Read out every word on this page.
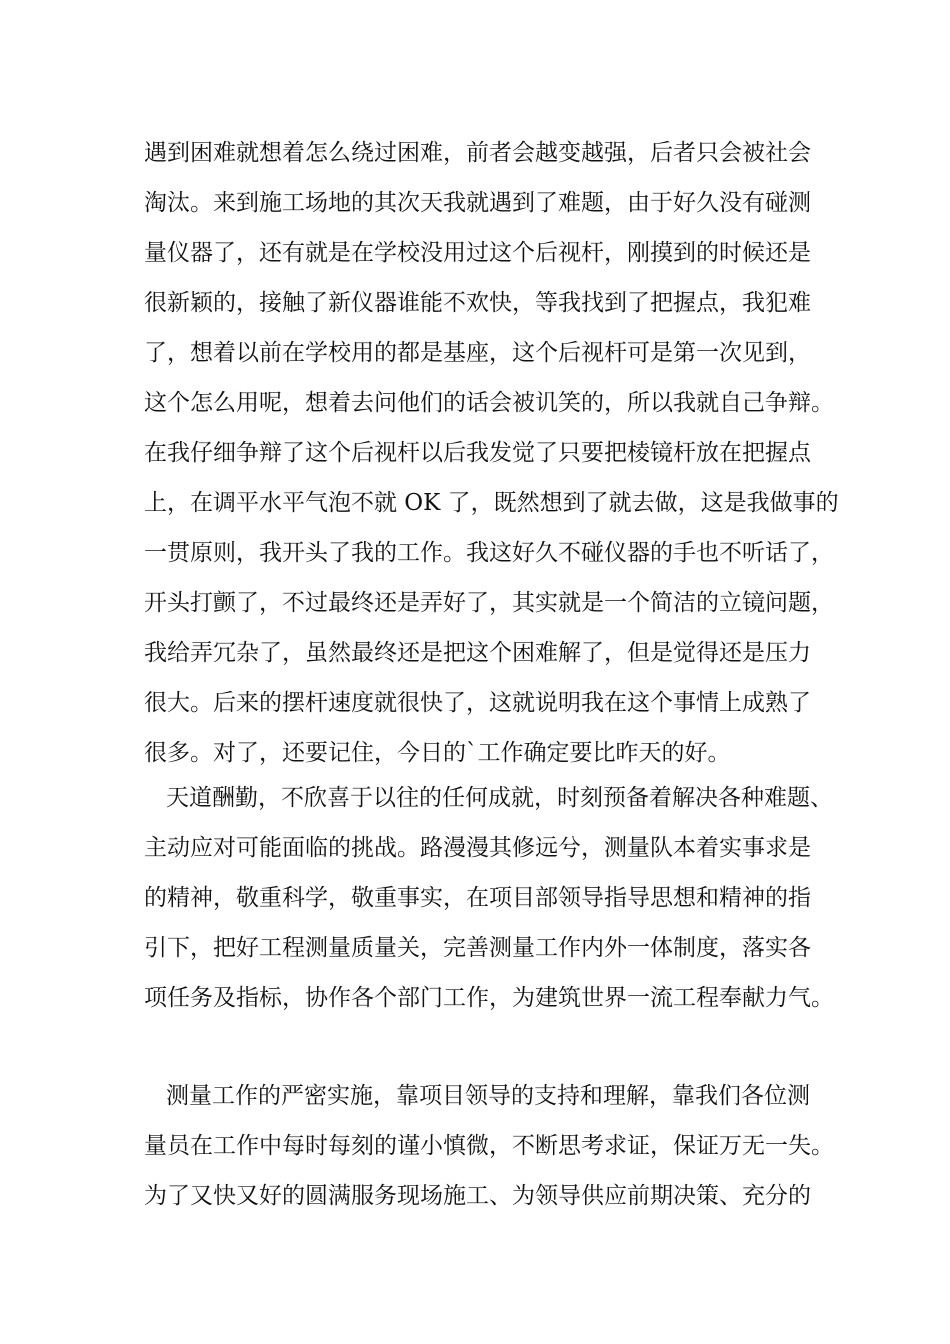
遇到困难就想着怎么绕过困难，前者会越变越强，后者只会被社会
淘汰。来到施工场地的其次天我就遇到了难题，由于好久没有碰测
量仪器了，还有就是在学校没用过这个后视杆，刚摸到的时候还是
很新颖的，接触了新仪器谁能不欢快，等我找到了把握点，我犯难
了，想着以前在学校用的都是基座，这个后视杆可是第一次见到，
这个怎么用呢，想着去问他们的话会被讥笑的，所以我就自己争辩。
在我仔细争辩了这个后视杆以后我发觉了只要把棱镜杆放在把握点
上，在调平水平气泡不就 OK 了，既然想到了就去做，这是我做事的
一贯原则，我开头了我的工作。我这好久不碰仪器的手也不听话了，
开头打颤了，不过最终还是弄好了，其实就是一个简洁的立镜问题，
我给弄冗杂了，虽然最终还是把这个困难解了，但是觉得还是压力
很大。后来的摆杆速度就很快了，这就说明我在这个事情上成熟了
很多。对了，还要记住，今日的`工作确定要比昨天的好。
天道酬勤，不欣喜于以往的任何成就，时刻预备着解决各种难题、
主动应对可能面临的挑战。路漫漫其修远兮，测量队本着实事求是
的精神，敬重科学，敬重事实，在项目部领导指导思想和精神的指
引下，把好工程测量质量关，完善测量工作内外一体制度，落实各
项任务及指标，协作各个部门工作，为建筑世界一流工程奉献力气。
测量工作的严密实施，靠项目领导的支持和理解，靠我们各位测
量员在工作中每时每刻的谨小慎微，不断思考求证，保证万无一失。
为了又快又好的圆满服务现场施工、为领导供应前期决策、充分的
